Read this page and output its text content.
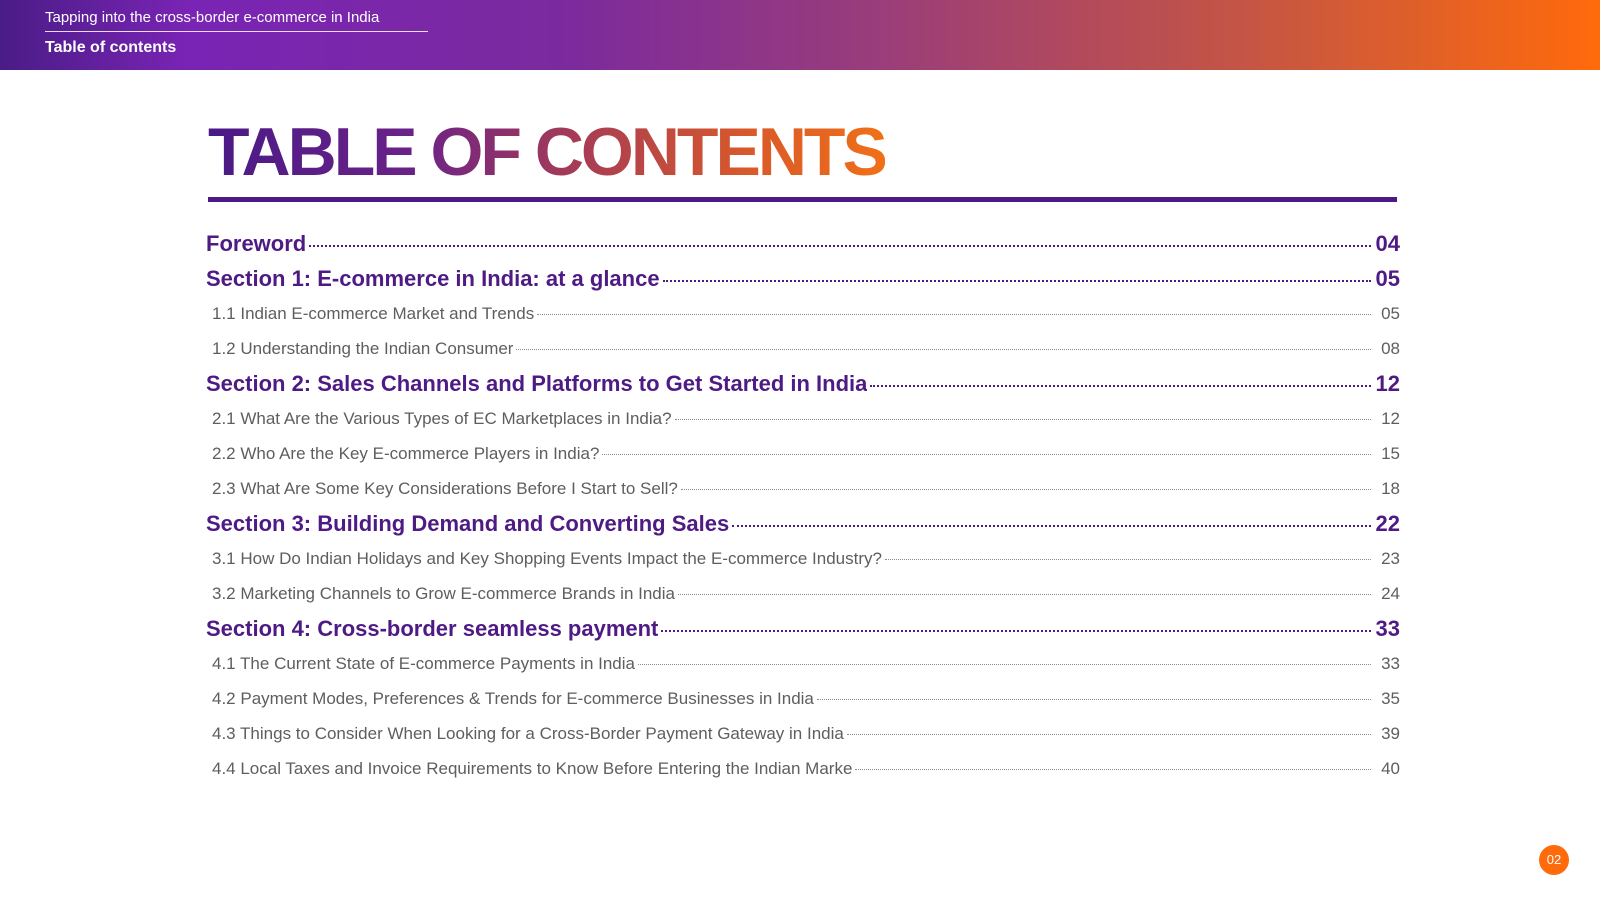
Tapping into the cross-border e-commerce in India
Table of contents
TABLE OF CONTENTS
Foreword	04
Section 1: E-commerce in India: at a glance	05
1.1 Indian E-commerce Market and Trends	05
1.2 Understanding the Indian Consumer	08
Section 2: Sales Channels and Platforms to Get Started in India	12
2.1 What Are the Various Types of EC Marketplaces in India?	12
2.2 Who Are the Key E-commerce Players in India?	15
2.3 What Are Some Key Considerations Before I Start to Sell?	18
Section 3: Building Demand and Converting Sales	22
3.1 How Do Indian Holidays and Key Shopping Events Impact the E-commerce Industry?	23
3.2 Marketing Channels to Grow E-commerce Brands in India	24
Section 4: Cross-border seamless payment	33
4.1 The Current State of E-commerce Payments in India	33
4.2 Payment Modes, Preferences & Trends for E-commerce Businesses in India	35
4.3 Things to Consider When Looking for a Cross-Border Payment Gateway in India	39
4.4 Local Taxes and Invoice Requirements to Know Before Entering the Indian Marke	40
02
